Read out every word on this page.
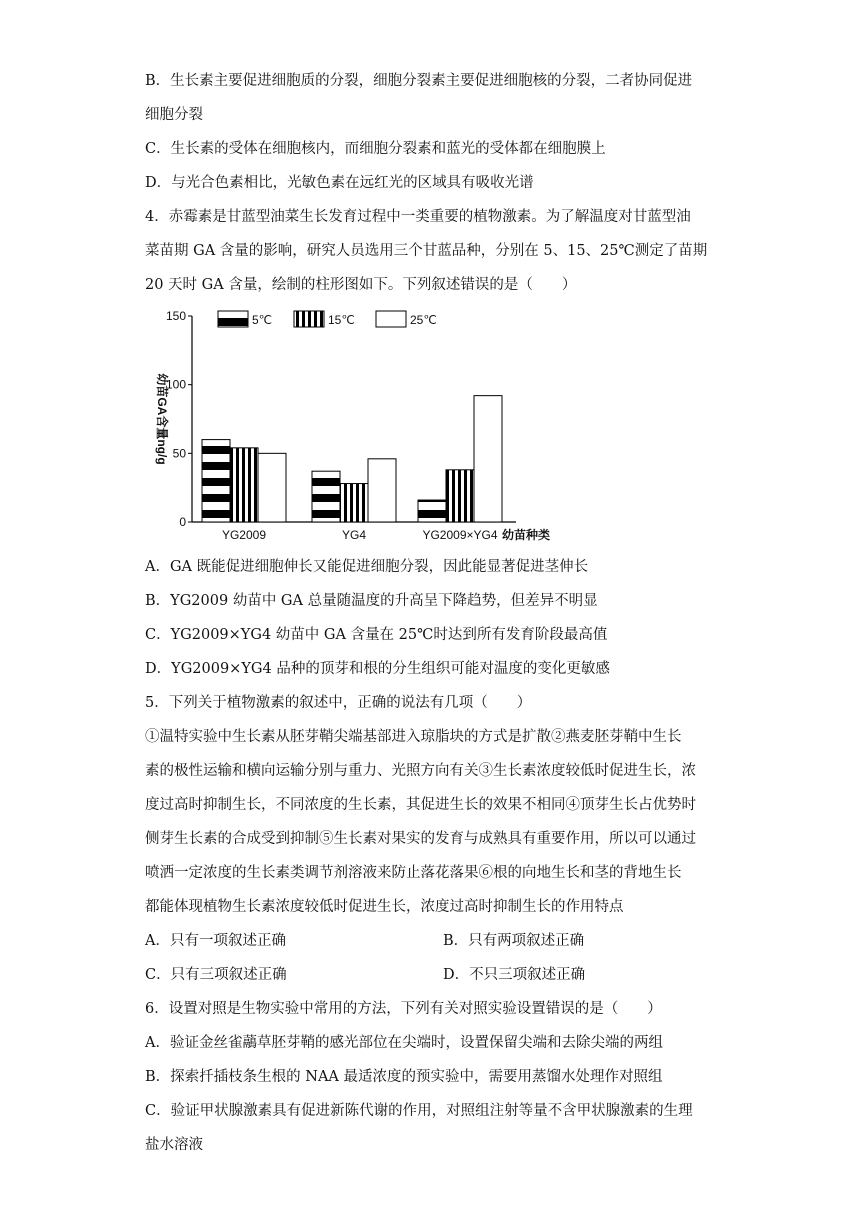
B．生长素主要促进细胞质的分裂，细胞分裂素主要促进细胞核的分裂，二者协同促进
细胞分裂
C．生长素的受体在细胞核内，而细胞分裂素和蓝光的受体都在细胞膜上
D．与光合色素相比，光敏色素在远红光的区域具有吸收光谱
4．赤霉素是甘蓝型油菜生长发育过程中一类重要的植物激素。为了解温度对甘蓝型油
菜苗期 GA 含量的影响，研究人员选用三个甘蓝品种，分别在 5、15、25℃测定了苗期
20 天时 GA 含量，绘制的柱形图如下。下列叙述错误的是（　　）
0
50
100
150
幼苗GA含量ng/g
YG2009	YG4	YG2009×YG4 幼苗种类
5℃	15℃	25℃
A．GA 既能促进细胞伸长又能促进细胞分裂，因此能显著促进茎伸长
B．YG2009 幼苗中 GA 总量随温度的升高呈下降趋势，但差异不明显
C．YG2009×YG4 幼苗中 GA 含量在 25℃时达到所有发育阶段最高值
D．YG2009×YG4 品种的顶芽和根的分生组织可能对温度的变化更敏感
5．下列关于植物激素的叙述中，正确的说法有几项（　　）
①温特实验中生长素从胚芽鞘尖端基部进入琼脂块的方式是扩散②燕麦胚芽鞘中生长
素的极性运输和横向运输分别与重力、光照方向有关③生长素浓度较低时促进生长，浓
度过高时抑制生长，不同浓度的生长素，其促进生长的效果不相同④顶芽生长占优势时
侧芽生长素的合成受到抑制⑤生长素对果实的发育与成熟具有重要作用，所以可以通过
喷洒一定浓度的生长素类调节剂溶液来防止落花落果⑥根的向地生长和茎的背地生长
都能体现植物生长素浓度较低时促进生长，浓度过高时抑制生长的作用特点
A．只有一项叙述正确	B．只有两项叙述正确
C．只有三项叙述正确	D．不只三项叙述正确
6．设置对照是生物实验中常用的方法，下列有关对照实验设置错误的是（　　）
A．验证金丝雀虉草胚芽鞘的感光部位在尖端时，设置保留尖端和去除尖端的两组
B．探索扦插枝条生根的 NAA 最适浓度的预实验中，需要用蒸馏水处理作对照组
C．验证甲状腺激素具有促进新陈代谢的作用，对照组注射等量不含甲状腺激素的生理
盐水溶液
